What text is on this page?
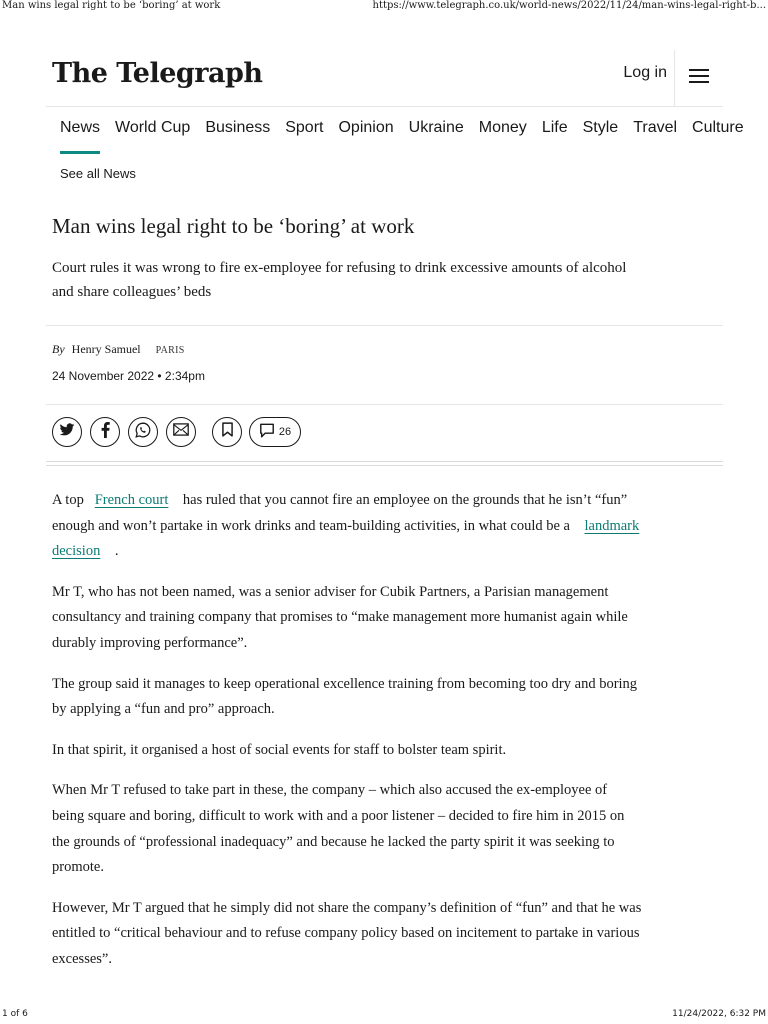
Man wins legal right to be ‘boring’ at work	https://www.telegraph.co.uk/world-news/2022/11/24/man-wins-legal-right-b...
The Telegraph	Log in
News World Cup Business Sport Opinion Ukraine Money Life Style Travel Culture
See all News
Man wins legal right to be ‘boring’ at work

Court rules it was wrong to fire ex-employee for refusing to drink excessive amounts of alcohol and share colleagues’ beds

By Henry Samuel PARIS
24 November 2022 • 2:34pm
26

A top French court has ruled that you cannot fire an employee on the grounds that he isn’t “fun” enough and won’t partake in work drinks and team-building activities, in what could be a landmark decision .

Mr T, who has not been named, was a senior adviser for Cubik Partners, a Parisian management consultancy and training company that promises to “make management more humanist again while durably improving performance”.

The group said it manages to keep operational excellence training from becoming too dry and boring by applying a “fun and pro” approach.

In that spirit, it organised a host of social events for staff to bolster team spirit.

When Mr T refused to take part in these, the company – which also accused the ex-employee of being square and boring, difficult to work with and a poor listener – decided to fire him in 2015 on the grounds of “professional inadequacy” and because he lacked the party spirit it was seeking to promote.

However, Mr T argued that he simply did not share the company’s definition of “fun” and that he was entitled to “critical behaviour and to refuse company policy based on incitement to partake in various excesses”.

1 of 6	11/24/2022, 6:32 PM
